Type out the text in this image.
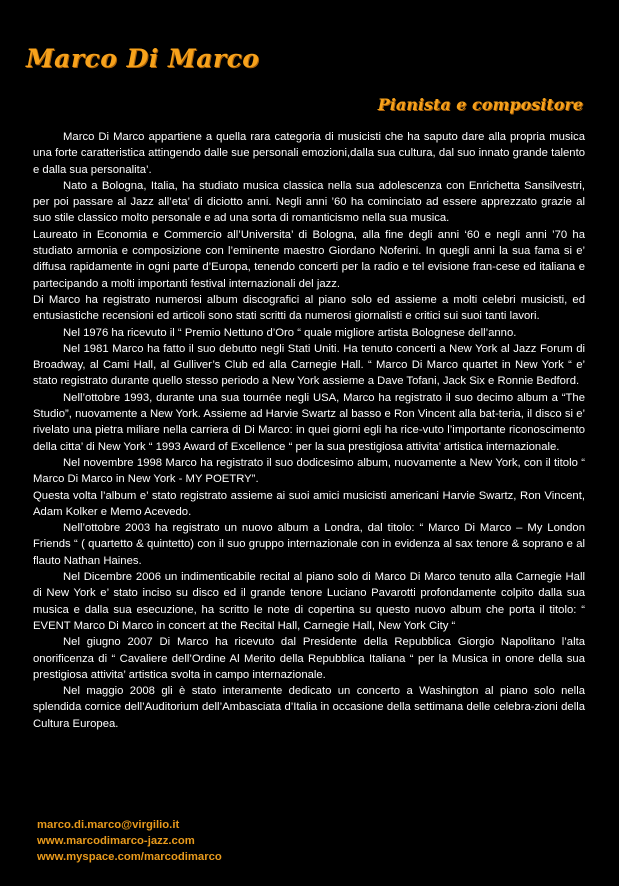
Marco Di Marco
Pianista e compositore

Marco Di Marco appartiene a quella rara categoria di musicisti che ha saputo dare alla propria musica una forte caratteristica attingendo dalle sue personali emozioni,dalla sua cultura, dal suo innato grande talento e dalla sua personalita’.

Nato a Bologna, Italia, ha studiato musica classica nella sua adolescenza con Enrichetta Sansilvestri, per poi passare al Jazz all’eta’ di diciotto anni. Negli anni ’60 ha cominciato ad essere apprezzato grazie al suo stile classico molto personale e ad una sorta di romanticismo nella sua musica.

Laureato in Economia e Commercio all’Universita’ di Bologna, alla fine degli anni ‘60 e negli anni ’70 ha studiato armonia e composizione con l’eminente maestro Giordano Noferini. In quegli anni la sua fama si e’ diffusa rapidamente in ogni parte d’Europa, tenendo concerti per la radio e tel evisione fran-cese ed italiana e partecipando a molti importanti festival internazionali del jazz.

Di Marco ha registrato numerosi album discografici al piano solo ed assieme a molti celebri musicisti, ed entusiastiche recensioni ed articoli sono stati scritti da numerosi giornalisti e critici sui suoi tanti lavori.

Nel 1976 ha ricevuto il “ Premio Nettuno d’Oro “ quale migliore artista Bolognese dell’anno.

Nel 1981 Marco ha fatto il suo debutto negli Stati Uniti. Ha tenuto concerti a New York al Jazz Forum di Broadway, al Cami Hall, al Gulliver’s Club ed alla Carnegie Hall. “ Marco Di Marco quartet in New York “ e’ stato registrato durante quello stesso periodo a New York assieme a Dave Tofani, Jack Six e Ronnie Bedford.

Nell’ottobre 1993, durante una sua tournée negli USA, Marco ha registrato il suo decimo album a “The Studio”, nuovamente a New York. Assieme ad Harvie Swartz al basso e Ron Vincent alla bat-teria, il disco si e’ rivelato una pietra miliare nella carriera di Di Marco: in quei giorni egli ha rice-vuto l’importante riconoscimento della citta’ di New York “ 1993 Award of Excellence “ per la sua prestigiosa attivita’ artistica internazionale.

Nel novembre 1998 Marco ha registrato il suo dodicesimo album, nuovamente a New York, con il titolo “ Marco Di Marco in New York - MY POETRY”.

Questa volta l’album e’ stato registrato assieme ai suoi amici musicisti americani Harvie Swartz, Ron Vincent, Adam Kolker e Memo Acevedo.

Nell’ottobre 2003 ha registrato un nuovo album a Londra, dal titolo: “ Marco Di Marco – My London Friends “ ( quartetto & quintetto) con il suo gruppo internazionale con in evidenza al sax tenore & soprano e al flauto Nathan Haines.

Nel Dicembre 2006 un indimenticabile recital al piano solo di Marco Di Marco tenuto alla Carnegie Hall di New York e’ stato inciso su disco ed il grande tenore Luciano Pavarotti profondamente colpito dalla sua musica e dalla sua esecuzione, ha scritto le note di copertina su questo nuovo album che porta il titolo: “ EVENT Marco Di Marco in concert at the Recital Hall, Carnegie Hall, New York City “

Nel giugno 2007 Di Marco ha ricevuto dal Presidente della Repubblica Giorgio Napolitano l’alta onorificenza di “ Cavaliere dell’Ordine Al Merito della Repubblica Italiana “ per la Musica in onore della sua prestigiosa attivita’ artistica svolta in campo internazionale.

Nel maggio 2008 gli è stato interamente dedicato un concerto a Washington al piano solo nella splendida cornice dell’Auditorium dell’Ambasciata d’Italia in occasione della settimana delle celebra-zioni della Cultura Europea.

marco.di.marco@virgilio.it
www.marcodimarco-jazz.com
www.myspace.com/marcodimarco
